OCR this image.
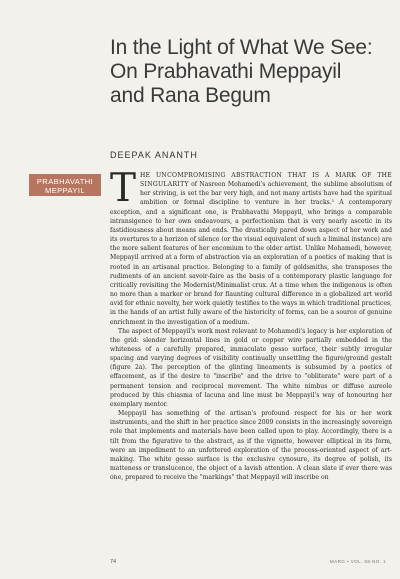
In the Light of What We See: On Prabhavathi Meppayil and Rana Begum
DEEPAK ANANTH
PRABHAVATHI MEPPAYIL THE UNCOMPROMISING ABSTRACTION THAT IS A MARK OF THE SINGULARITY of Nasreen Mohamedi's achievement, the sublime absolutism of her striving, is set the bar very high, and not many artists have had the spiritual ambition or formal discipline to venture in her tracks.¹ A contemporary exception, and a significant one, is Prabhavathi Meppayil, who brings a comparable intransigence to her own endeavours, a perfectionism that is very nearly ascetic in its fastidiousness about means and ends. The drastically pared down aspect of her work and its overtures to a horizon of silence (or the visual equivalent of such a liminal instance) are the more salient features of her encomium to the older artist. Unlike Mohamedi, however, Meppayil arrived at a form of abstraction via an exploration of a poetics of making that is rooted in an artisanal practice. Belonging to a family of goldsmiths, she transposes the rudiments of an ancient savoir-faire as the basis of a contemporary plastic language for critically revisiting the Modernist/Minimalist crux. At a time when the indigenous is often no more than a marker or brand for flaunting cultural difference in a globalized art world avid for ethnic novelty, her work quietly testifies to the ways in which traditional practices, in the hands of an artist fully aware of the historicity of forms, can be a source of genuine enrichment in the investigation of a medium.

The aspect of Meppayil's work most relevant to Mohamedi's legacy is her exploration of the grid: slender horizontal lines in gold or copper wire partially embedded in the whiteness of a carefully prepared, immaculate gesso surface, their subtly irregular spacing and varying degrees of visibility continually unsettling the figure/ground gestalt (figure 2a). The perception of the glinting lineaments is subsumed by a poetics of effacement, as if the desire to "inscribe" and the drive to "obliterate" were part of a permanent tension and reciprocal movement. The white nimbus or diffuse aureole produced by this chiasma of lacuna and line must be Meppayil's way of honouring her exemplary mentor.

Meppayil has something of the artisan's profound respect for his or her work instruments, and the shift in her practice since 2009 consists in the increasingly sovereign role that implements and materials have been called upon to play. Accordingly, there is a tilt from the figurative to the abstract, as if the vignette, however elliptical in its form, were an impediment to an unfettered exploration of the process-oriented aspect of art-making. The white gesso surface is the exclusive cynosure, its degree of polish, its matteness or translucence, the object of a lavish attention. A clean slate if ever there was one, prepared to receive the "markings" that Meppayil will inscribe on

74	MARG • VOL. 68 NO. 1
